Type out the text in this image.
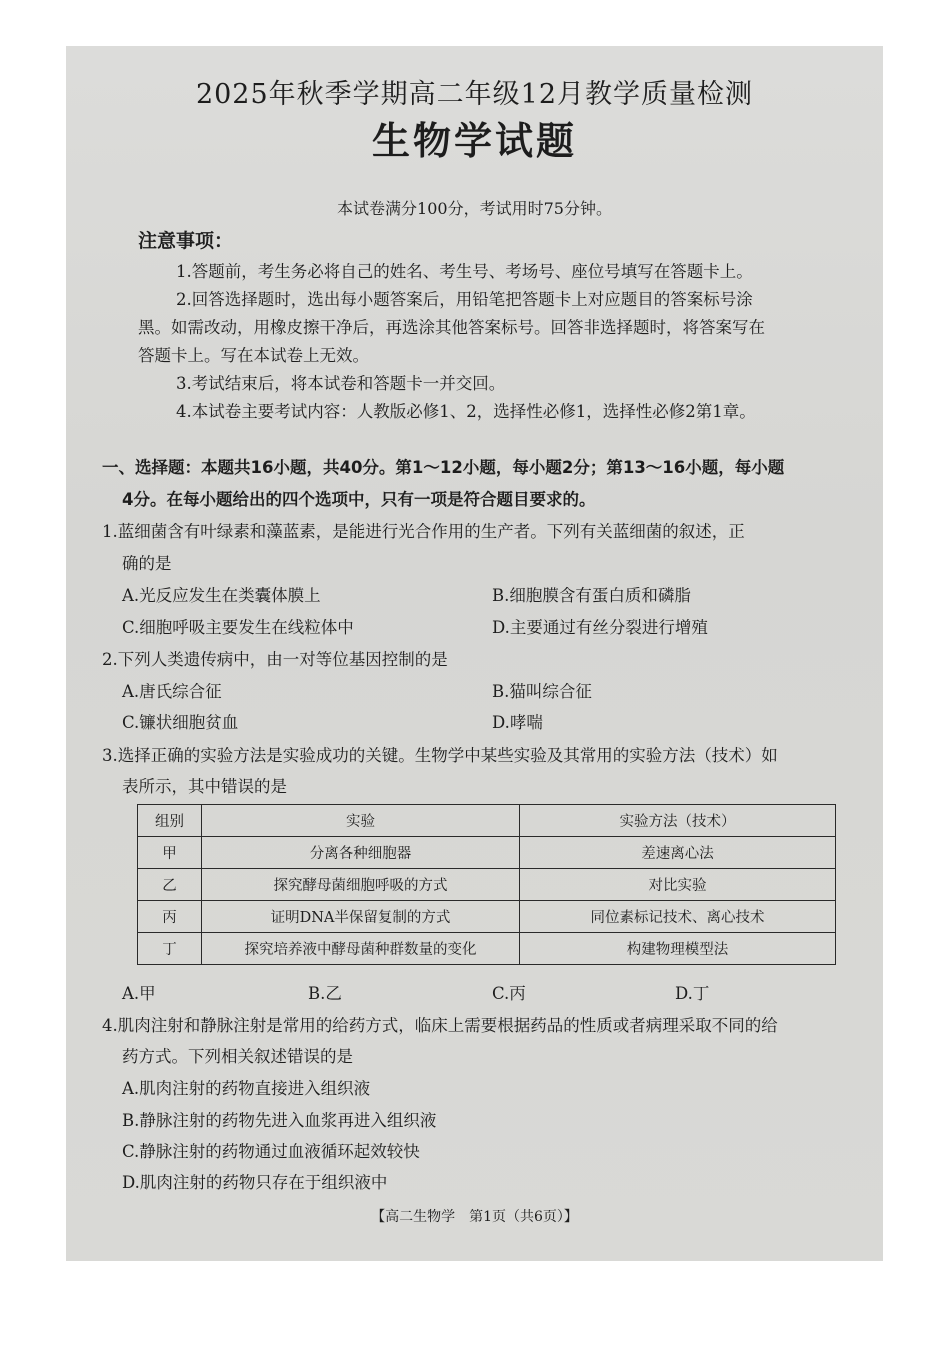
2025年秋季学期高二年级12月教学质量检测
生物学试题
本试卷满分100分，考试用时75分钟。
注意事项：
1.答题前，考生务必将自己的姓名、考生号、考场号、座位号填写在答题卡上。
2.回答选择题时，选出每小题答案后，用铅笔把答题卡上对应题目的答案标号涂
黑。如需改动，用橡皮擦干净后，再选涂其他答案标号。回答非选择题时，将答案写在
答题卡上。写在本试卷上无效。
3.考试结束后，将本试卷和答题卡一并交回。
4.本试卷主要考试内容：人教版必修1、2，选择性必修1，选择性必修2第1章。
一、选择题：本题共16小题，共40分。第1～12小题，每小题2分；第13～16小题，每小题
4分。在每小题给出的四个选项中，只有一项是符合题目要求的。
1.蓝细菌含有叶绿素和藻蓝素，是能进行光合作用的生产者。下列有关蓝细菌的叙述，正
确的是
A.光反应发生在类囊体膜上	B.细胞膜含有蛋白质和磷脂
C.细胞呼吸主要发生在线粒体中	D.主要通过有丝分裂进行增殖
2.下列人类遗传病中，由一对等位基因控制的是
A.唐氏综合征	B.猫叫综合征
C.镰状细胞贫血	D.哮喘
3.选择正确的实验方法是实验成功的关键。生物学中某些实验及其常用的实验方法（技术）如
表所示，其中错误的是
组别	实验	实验方法（技术）
甲	分离各种细胞器	差速离心法
乙	探究酵母菌细胞呼吸的方式	对比实验
丙	证明DNA半保留复制的方式	同位素标记技术、离心技术
丁	探究培养液中酵母菌种群数量的变化	构建物理模型法
A.甲	B.乙	C.丙	D.丁
4.肌肉注射和静脉注射是常用的给药方式，临床上需要根据药品的性质或者病理采取不同的给
药方式。下列相关叙述错误的是
A.肌肉注射的药物直接进入组织液
B.静脉注射的药物先进入血浆再进入组织液
C.静脉注射的药物通过血液循环起效较快
D.肌肉注射的药物只存在于组织液中
【高二生物学　第1页（共6页）】
